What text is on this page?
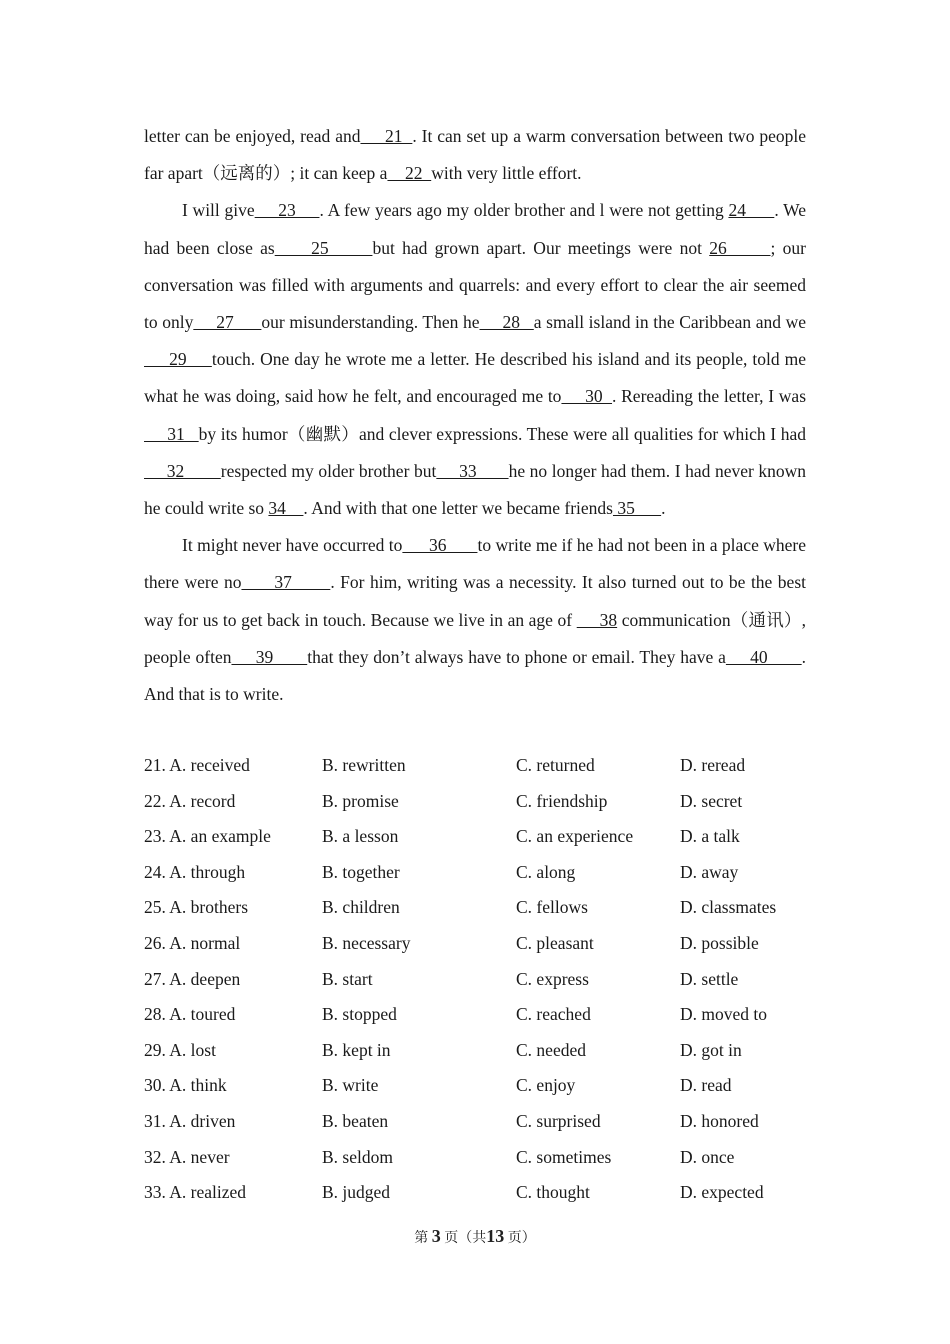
letter can be enjoyed, read and     21  . It can set up a warm conversation between two people far apart（远离的）; it can keep a    22  with very little effort.

I will give     23     . A few years ago my older brother and l were not getting 24      . We had been close as     25      but had grown apart. Our meetings were not 26      ; our conversation was filled with arguments and quarrels: and every effort to clear the air seemed to only     27      our misunderstanding. Then he     28   a small island in the Caribbean and we      29     touch. One day he wrote me a letter. He described his island and its people, told me what he was doing, said how he felt, and encouraged me to     30  . Rereading the letter, I was     31   by its humor（幽默）and clever expressions. These were all qualities for which I had     32        respected my older brother but     33       he no longer had them. I had never known he could write so 34    . And with that one letter we became friends 35      .

It might never have occurred to      36       to write me if he had not been in a place where there were no      37       . For him, writing was a necessity. It also turned out to be the best way for us to get back in touch. Because we live in an age of      38 communication（通讯）, people often     39       that they don’t always have to phone or email. They have a     40       . And that is to write.

21. A. received	B. rewritten	C. returned	D. reread
22. A. record	B. promise	C. friendship	D. secret
23. A. an example	B. a lesson	C. an experience	D. a talk
24. A. through	B. together	C. along	D. away
25. A. brothers	B. children	C. fellows	D. classmates
26. A. normal	B. necessary	C. pleasant	D. possible
27. A. deepen	B. start	C. express	D. settle
28. A. toured	B. stopped	C. reached	D. moved to
29. A. lost	B. kept in	C. needed	D. got in
30. A. think	B. write	C. enjoy	D. read
31. A. driven	B. beaten	C. surprised	D. honored
32. A. never	B. seldom	C. sometimes	D. once
33. A. realized	B. judged	C. thought	D. expected
第 3 页（共13 页）
